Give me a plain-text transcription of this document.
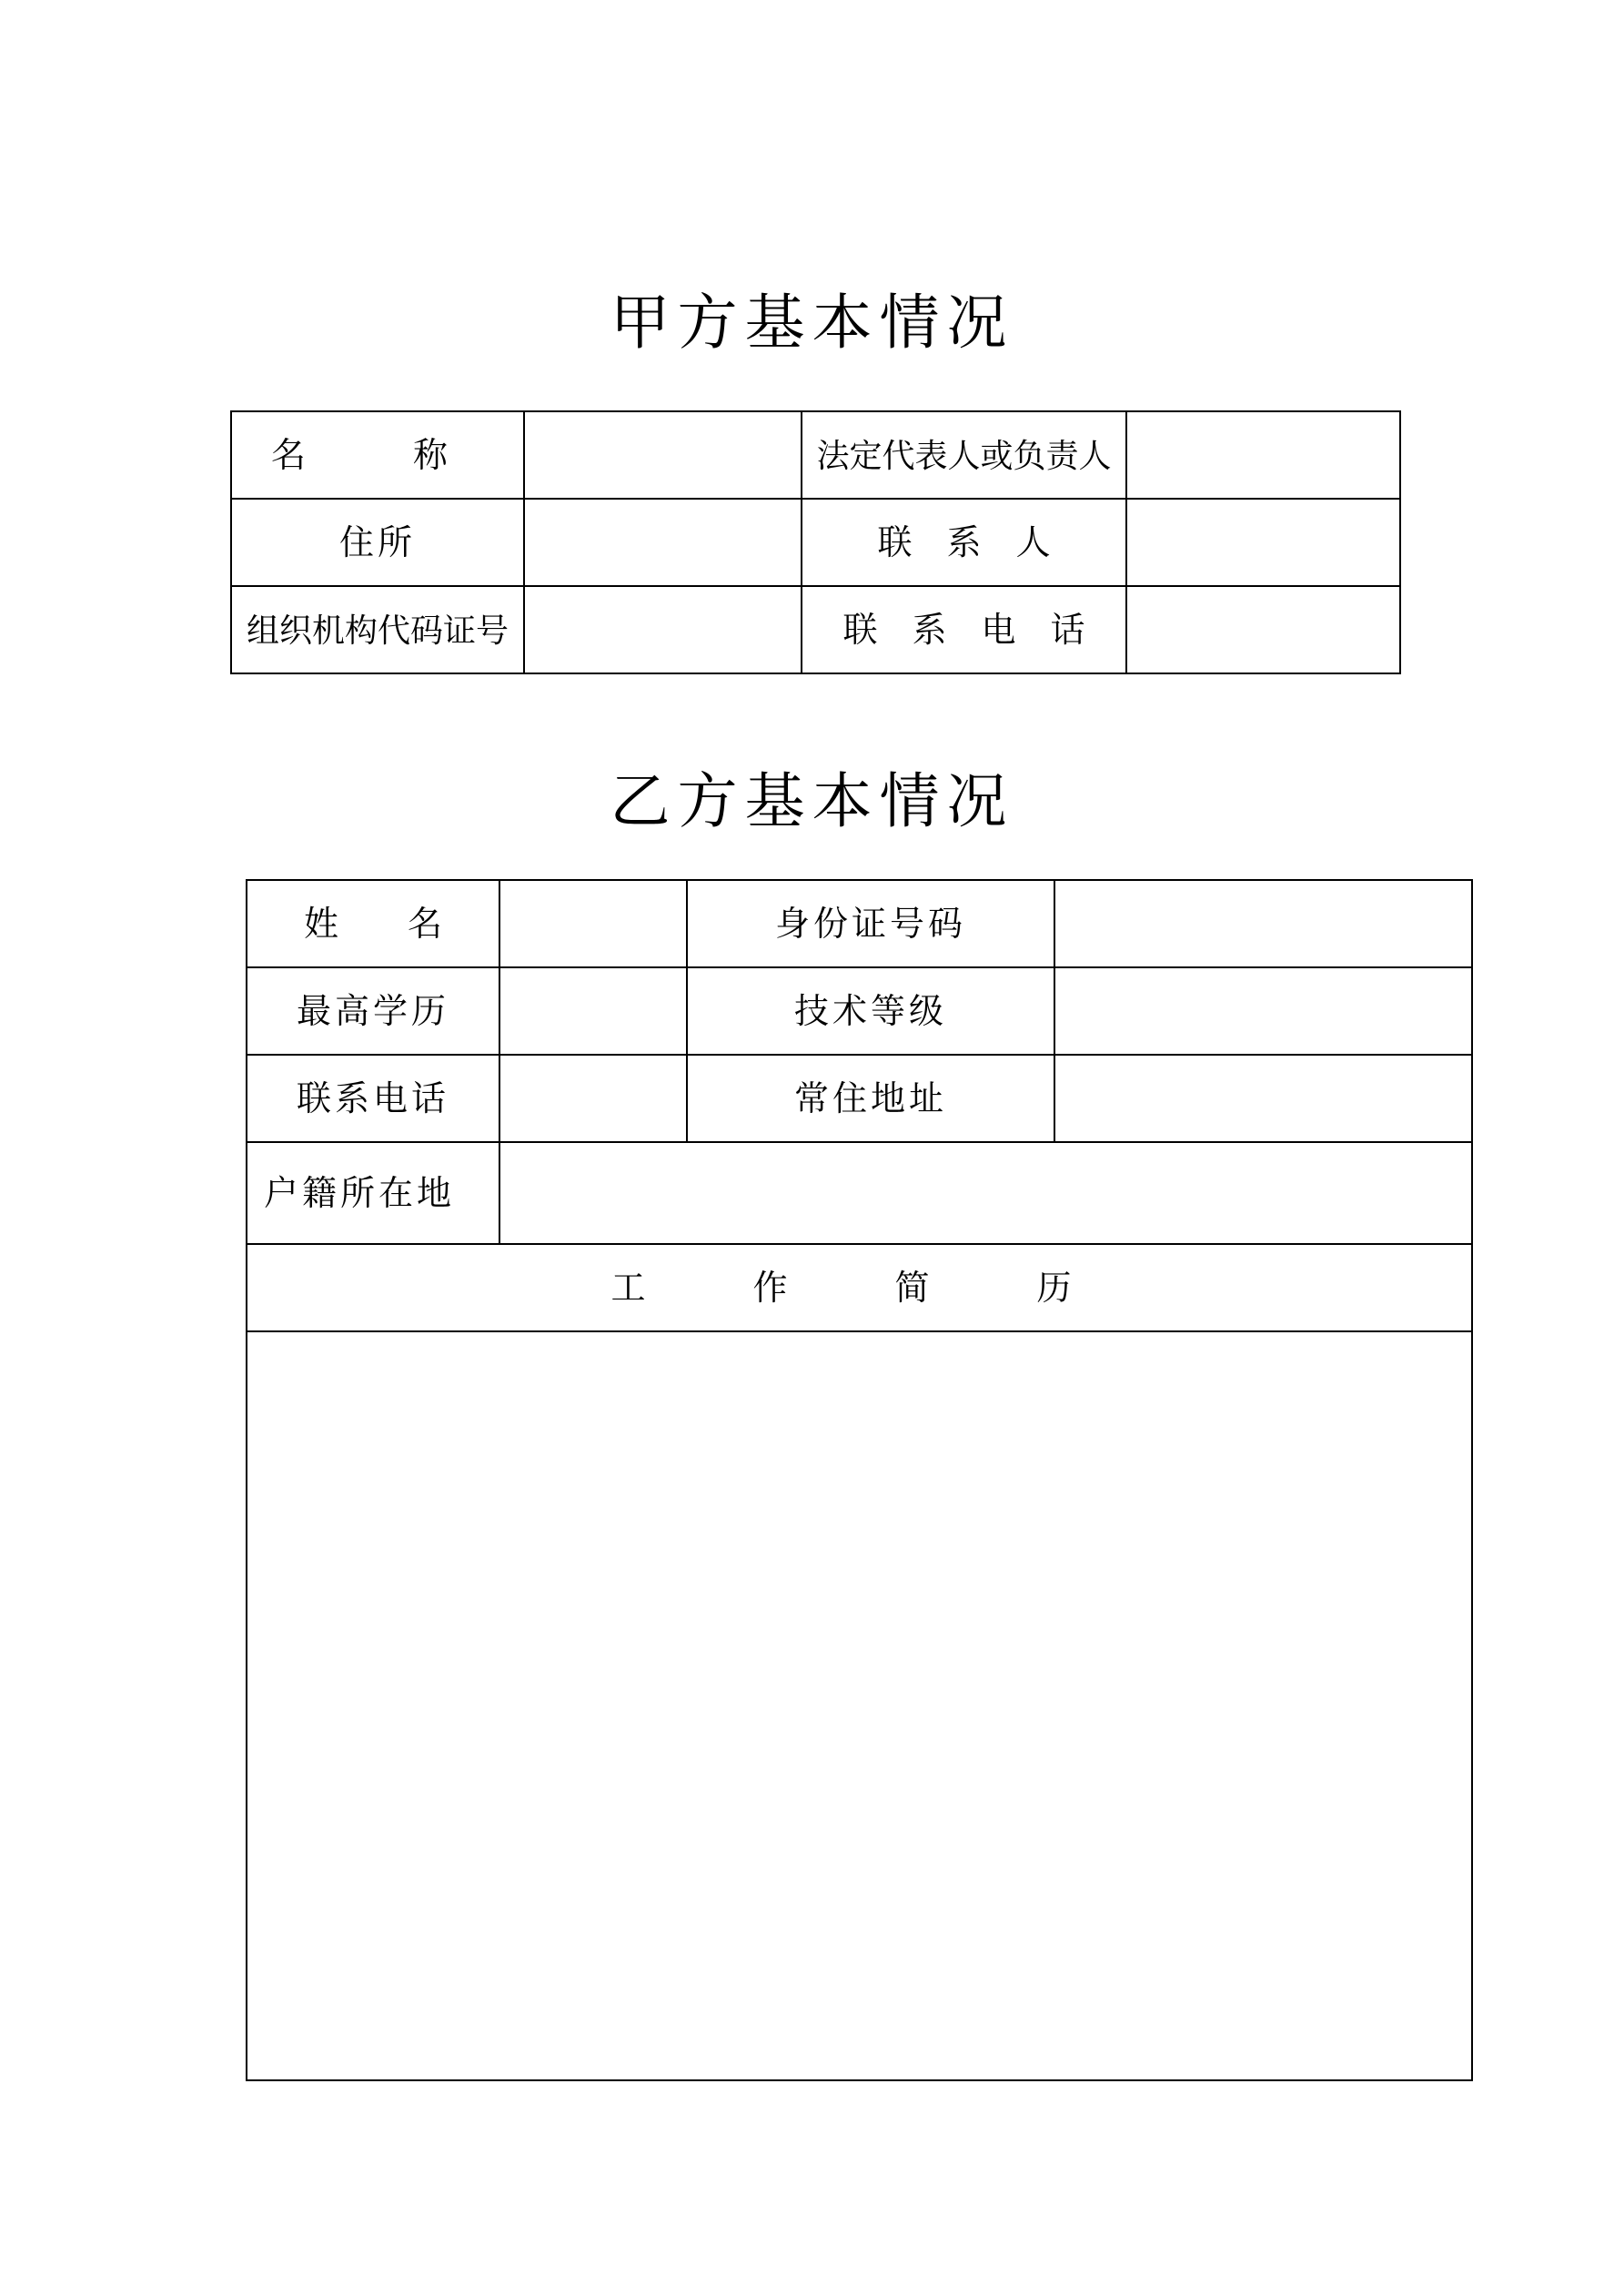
甲方基本情况
名　称		法定代表人或负责人	
住所		联　系　人	
组织机构代码证号		联　系　电　话	
乙方基本情况
姓　　名		身份证号码	
最高学历		技术等级	
联系电话		常住地址	
户籍所在地			
工　作　简　历			
